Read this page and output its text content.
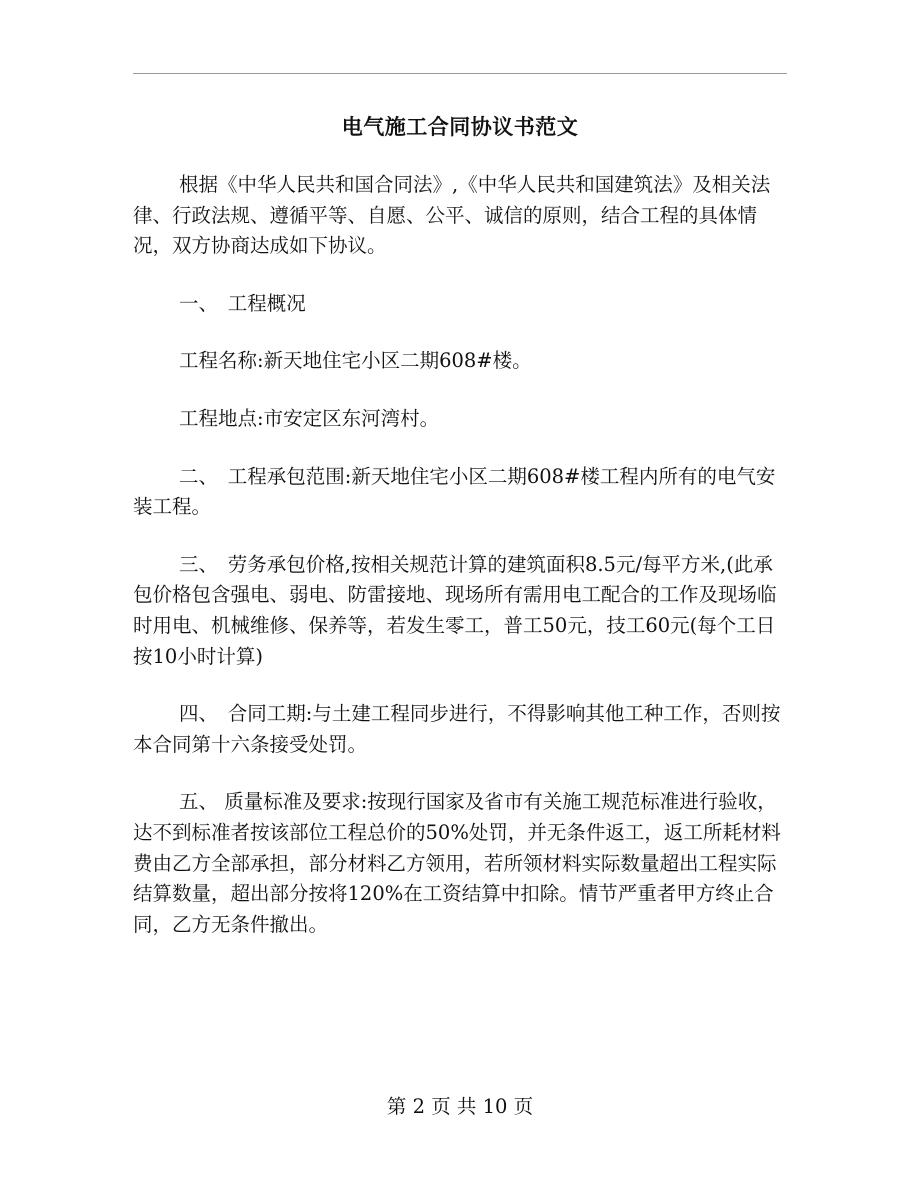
电气施工合同协议书范文

根据《中华人民共和国合同法》,《中华人民共和国建筑法》及相关法律、行政法规、遵循平等、自愿、公平、诚信的原则，结合工程的具体情况，双方协商达成如下协议。

一、　工程概况

工程名称:新天地住宅小区二期608#楼。

工程地点:市安定区东河湾村。

二、　工程承包范围:新天地住宅小区二期608#楼工程内所有的电气安装工程。

三、　劳务承包价格,按相关规范计算的建筑面积8.5元/每平方米,(此承包价格包含强电、弱电、防雷接地、现场所有需用电工配合的工作及现场临时用电、机械维修、保养等，若发生零工，普工50元，技工60元(每个工日按10小时计算)

四、　合同工期:与土建工程同步进行，不得影响其他工种工作，否则按本合同第十六条接受处罚。

五、 质量标准及要求:按现行国家及省市有关施工规范标准进行验收，达不到标准者按该部位工程总价的50%处罚，并无条件返工，返工所耗材料费由乙方全部承担，部分材料乙方领用，若所领材料实际数量超出工程实际结算数量，超出部分按将120%在工资结算中扣除。情节严重者甲方终止合同，乙方无条件撤出。

第 2 页 共 10 页
